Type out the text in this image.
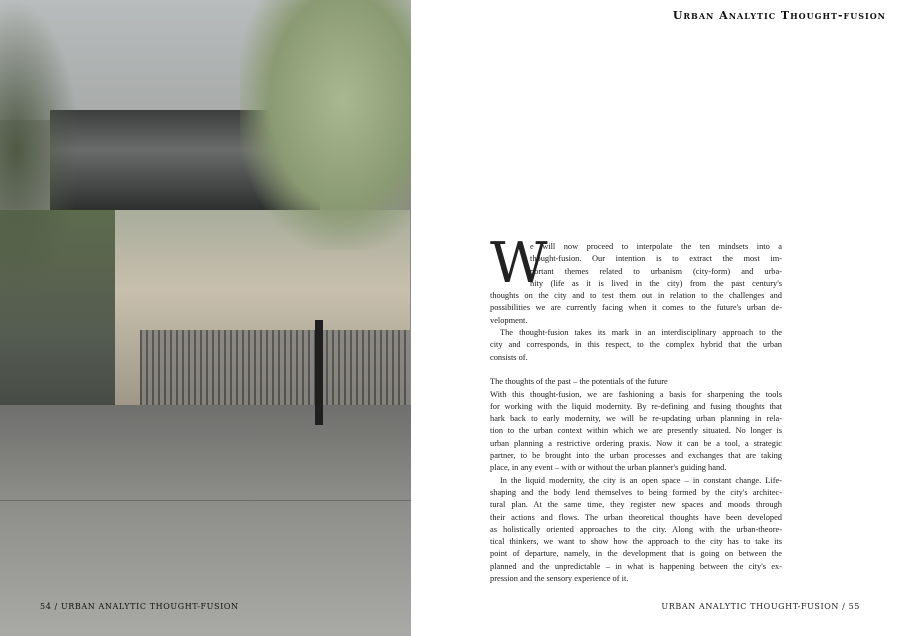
54 / URBAN ANALYTIC THOUGHT-FUSION
Urban Analytic Thought-fusion
URBAN ANALYTIC THOUGHT-FUSION / 55
W
e will now proceed to interpolate the ten mindsets into a
thought-fusion. Our intention is to extract the most im-
portant themes related to urbanism (city-form) and urba-
nity (life as it is lived in the city) from the past century's
thoughts on the city and to test them out in relation to the challenges and
possibilities we are currently facing when it comes to the future's urban de-
velopment.
The thought-fusion takes its mark in an interdisciplinary approach to the
city and corresponds, in this respect, to the complex hybrid that the urban
consists of.
The thoughts of the past – the potentials of the future
With this thought-fusion, we are fashioning a basis for sharpening the tools
for working with the liquid modernity. By re-defining and fusing thoughts that
hark back to early modernity, we will be re-updating urban planning in rela-
tion to the urban context within which we are presently situated. No longer is
urban planning a restrictive ordering praxis. Now it can be a tool, a strategic
partner, to be brought into the urban processes and exchanges that are taking
place, in any event – with or without the urban planner's guiding hand.
In the liquid modernity, the city is an open space – in constant change. Life-
shaping and the body lend themselves to being formed by the city's architec-
tural plan. At the same time, they register new spaces and moods through
their actions and flows. The urban theoretical thoughts have been developed
as holistically oriented approaches to the city. Along with the urban-theore-
tical thinkers, we want to show how the approach to the city has to take its
point of departure, namely, in the development that is going on between the
planned and the unpredictable – in what is happening between the city's ex-
pression and the sensory experience of it.
